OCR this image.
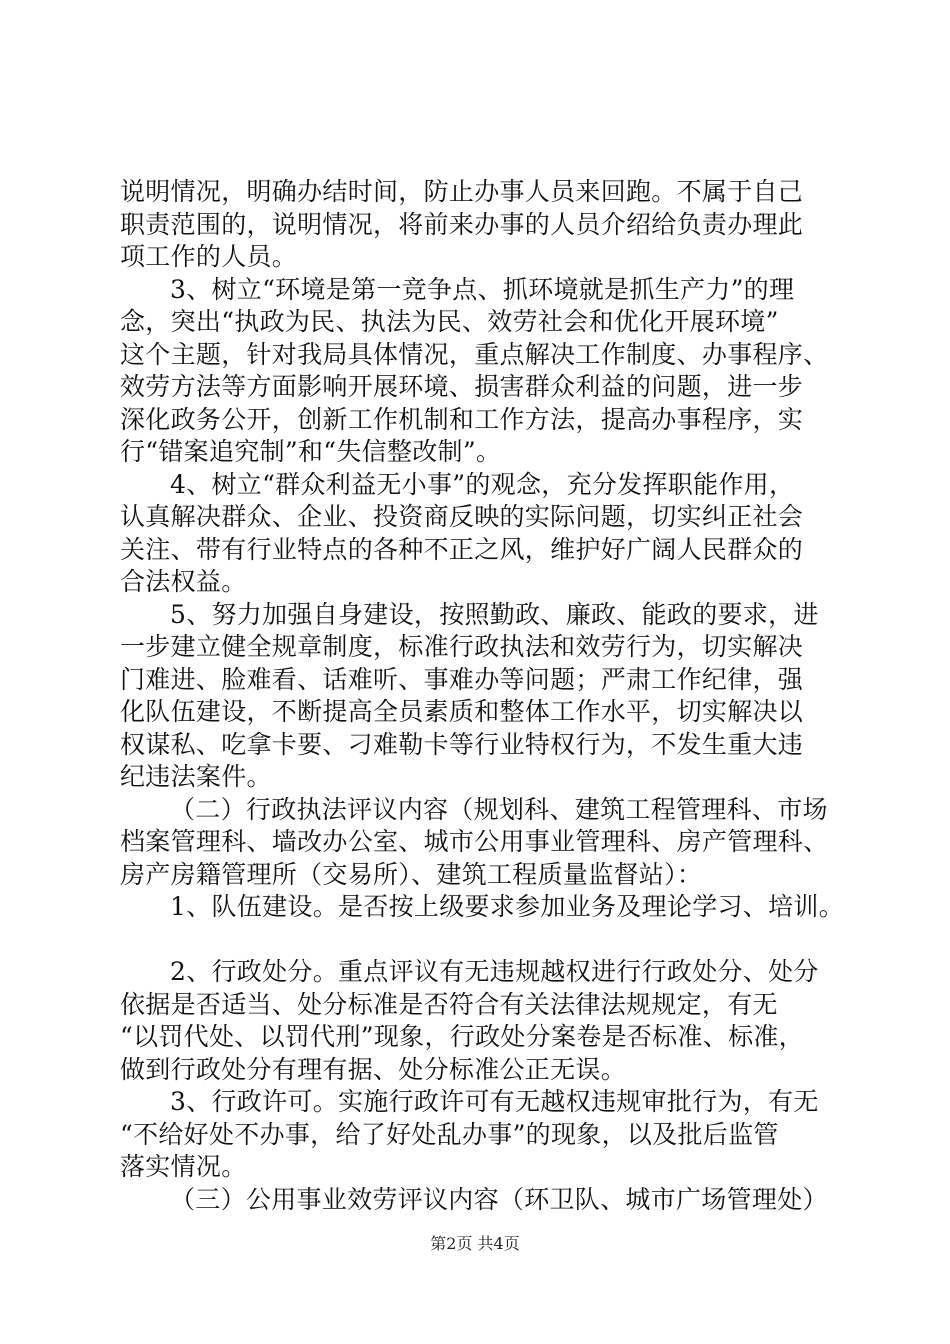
说明情况，明确办结时间，防止办事人员来回跑。不属于自己
职责范围的，说明情况，将前来办事的人员介绍给负责办理此
项工作的人员。
3、树立“环境是第一竞争点、抓环境就是抓生产力”的理
念，突出“执政为民、执法为民、效劳社会和优化开展环境”
这个主题，针对我局具体情况，重点解决工作制度、办事程序、
效劳方法等方面影响开展环境、损害群众利益的问题，进一步
深化政务公开，创新工作机制和工作方法，提高办事程序，实
行“错案追究制”和“失信整改制”。
4、树立“群众利益无小事”的观念，充分发挥职能作用，
认真解决群众、企业、投资商反映的实际问题，切实纠正社会
关注、带有行业特点的各种不正之风，维护好广阔人民群众的
合法权益。
5、努力加强自身建设，按照勤政、廉政、能政的要求，进
一步建立健全规章制度，标准行政执法和效劳行为，切实解决
门难进、脸难看、话难听、事难办等问题；严肃工作纪律，强
化队伍建设，不断提高全员素质和整体工作水平，切实解决以
权谋私、吃拿卡要、刁难勒卡等行业特权行为，不发生重大违
纪违法案件。
（二）行政执法评议内容（规划科、建筑工程管理科、市场
档案管理科、墙改办公室、城市公用事业管理科、房产管理科、
房产房籍管理所（交易所）、建筑工程质量监督站）：
1、队伍建设。是否按上级要求参加业务及理论学习、培训。
2、行政处分。重点评议有无违规越权进行行政处分、处分
依据是否适当、处分标准是否符合有关法律法规规定，有无
“以罚代处、以罚代刑”现象，行政处分案卷是否标准、标准，
做到行政处分有理有据、处分标准公正无误。
3、行政许可。实施行政许可有无越权违规审批行为，有无
“不给好处不办事，给了好处乱办事”的现象，以及批后监管
落实情况。
（三）公用事业效劳评议内容（环卫队、城市广场管理处）
第2页 共4页
